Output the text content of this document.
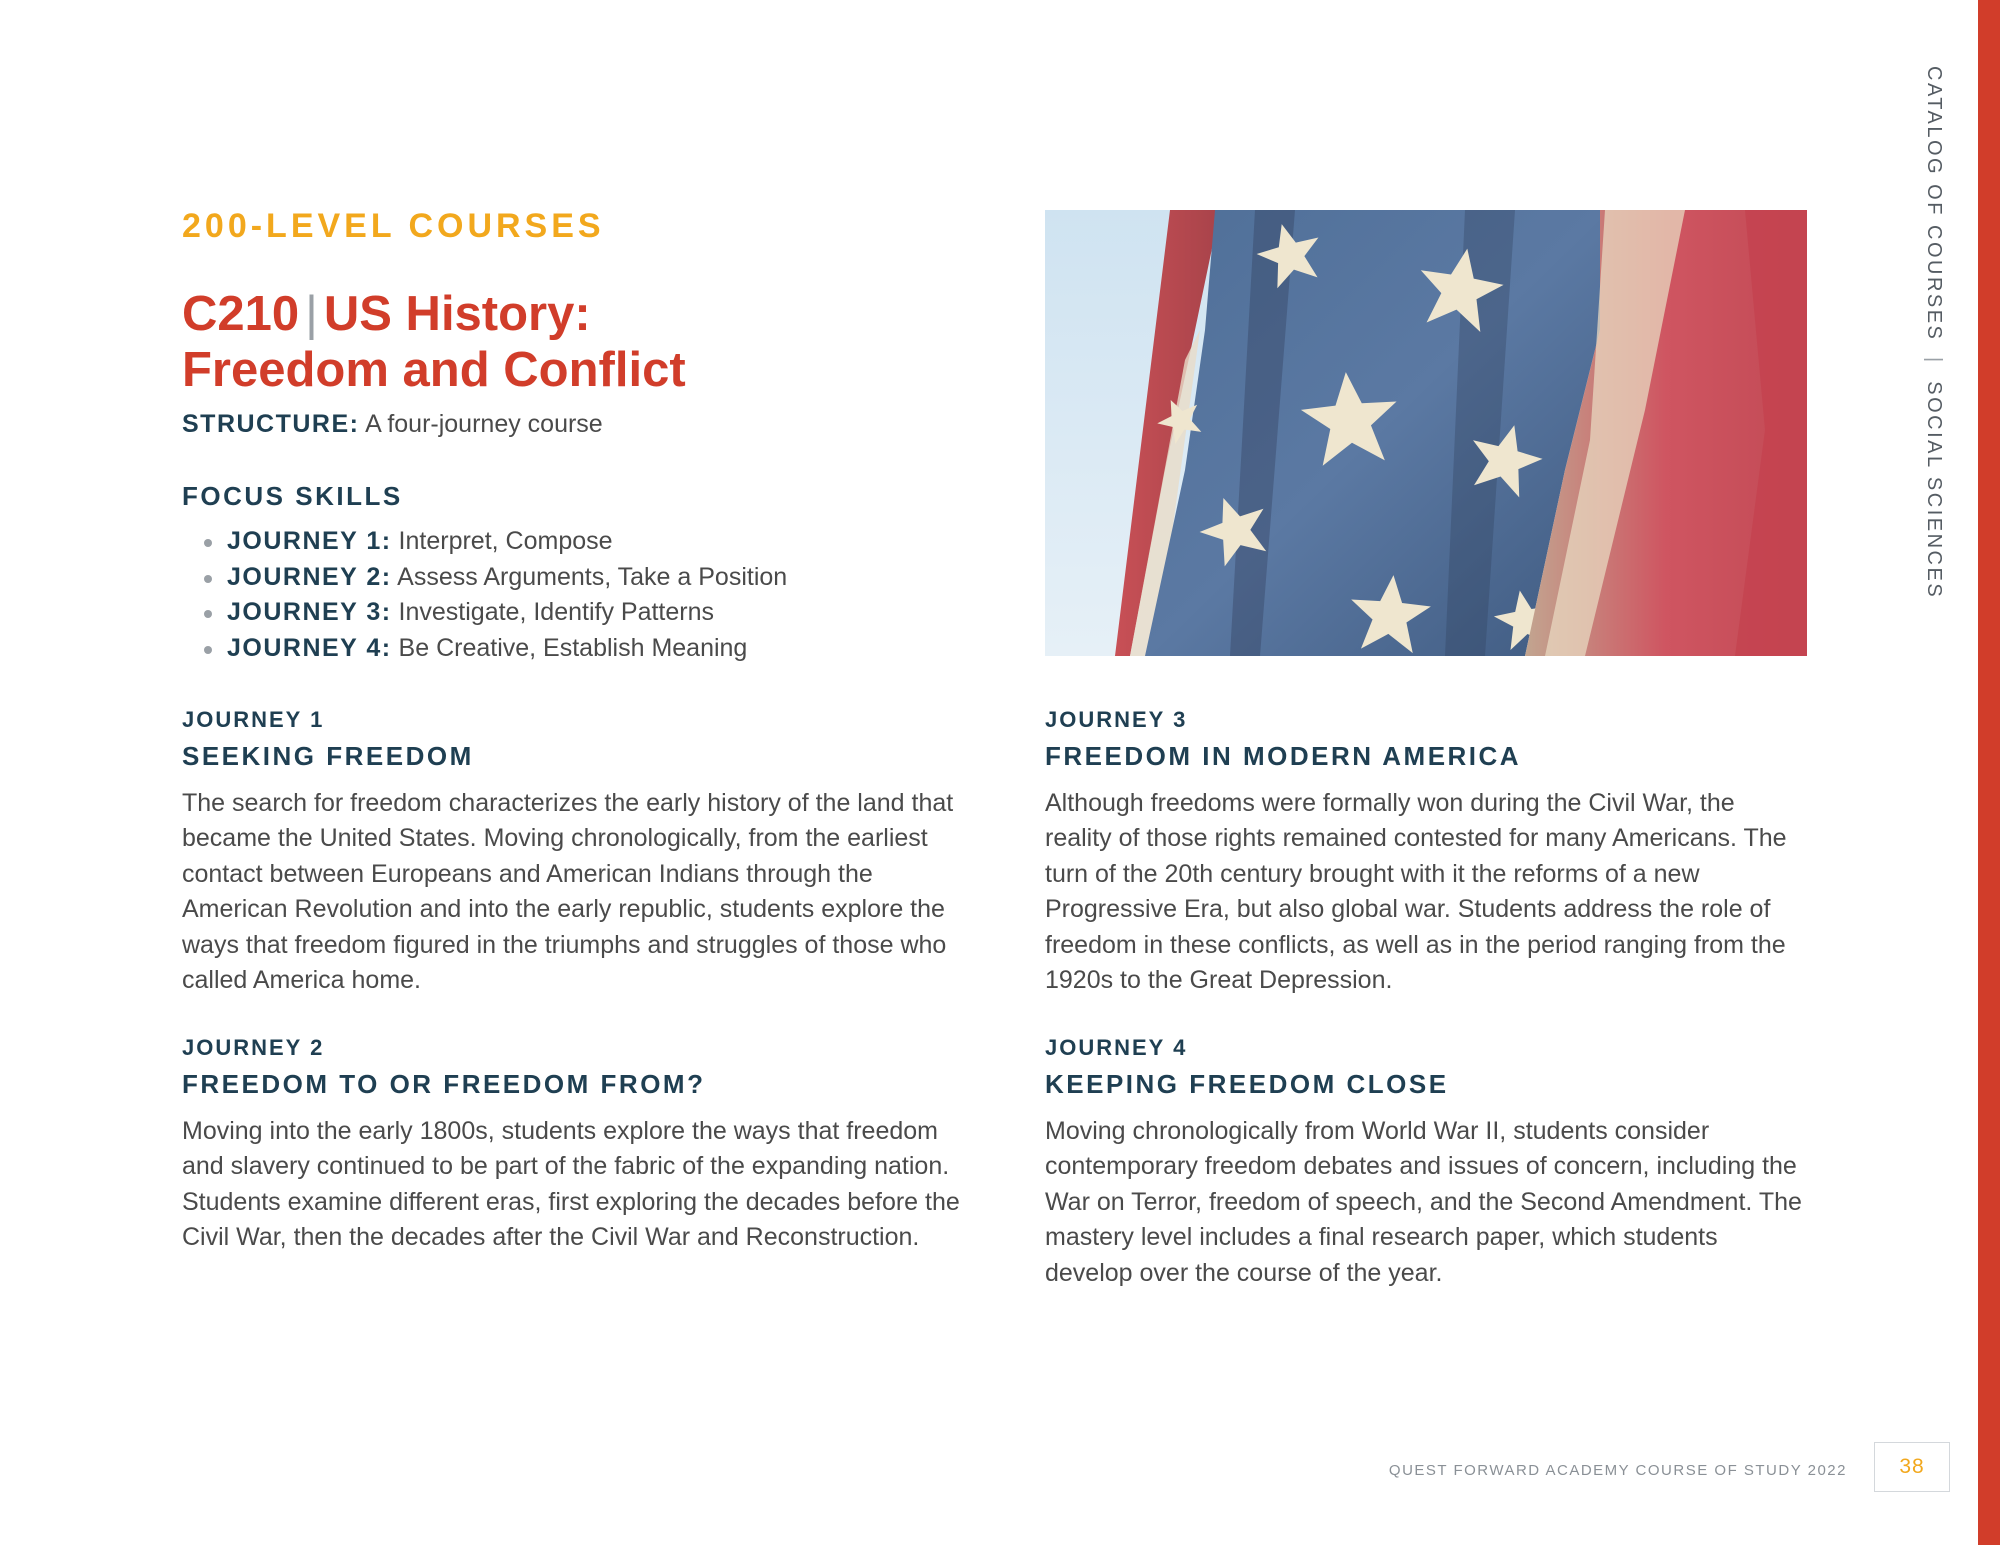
CATALOG OF COURSES | SOCIAL SCIENCES
200-LEVEL COURSES
C210 | US History:
Freedom and Conflict
STRUCTURE: A four-journey course
FOCUS SKILLS
JOURNEY 1: Interpret, Compose
JOURNEY 2: Assess Arguments, Take a Position
JOURNEY 3: Investigate, Identify Patterns
JOURNEY 4: Be Creative, Establish Meaning
JOURNEY 1
SEEKING FREEDOM
The search for freedom characterizes the early history of the land that became the United States. Moving chronologically, from the earliest contact between Europeans and American Indians through the American Revolution and into the early republic, students explore the ways that freedom figured in the triumphs and struggles of those who called America home.
JOURNEY 2
FREEDOM TO OR FREEDOM FROM?
Moving into the early 1800s, students explore the ways that freedom and slavery continued to be part of the fabric of the expanding nation. Students examine different eras, first exploring the decades before the Civil War, then the decades after the Civil War and Reconstruction.
JOURNEY 3
FREEDOM IN MODERN AMERICA
Although freedoms were formally won during the Civil War, the reality of those rights remained contested for many Americans. The turn of the 20th century brought with it the reforms of a new Progressive Era, but also global war. Students address the role of freedom in these conflicts, as well as in the period ranging from the 1920s to the Great Depression.
JOURNEY 4
KEEPING FREEDOM CLOSE
Moving chronologically from World War II, students consider contemporary freedom debates and issues of concern, including the War on Terror, freedom of speech, and the Second Amendment. The mastery level includes a final research paper, which students develop over the course of the year.
QUEST FORWARD ACADEMY COURSE OF STUDY 2022	38
